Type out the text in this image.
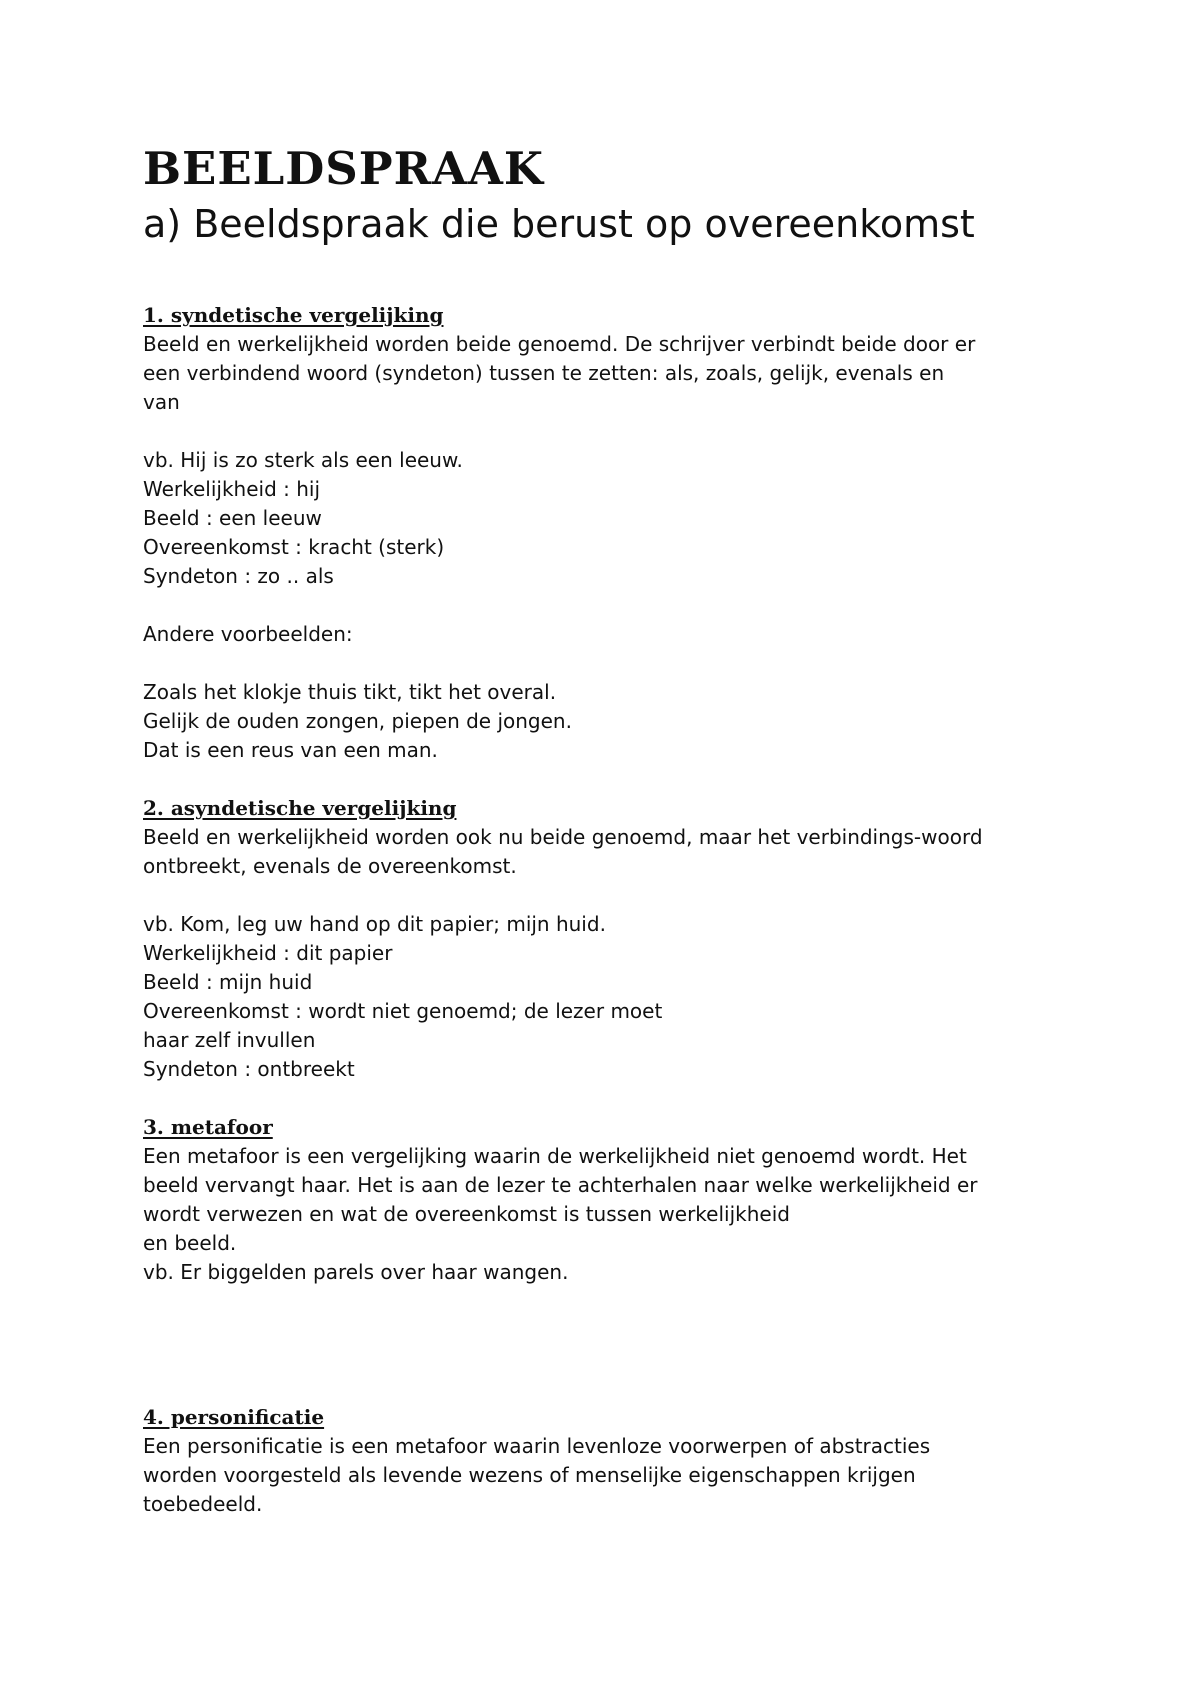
BEELDSPRAAK
a) Beeldspraak die berust op overeenkomst
1. syndetische vergelijking
Beeld en werkelijkheid worden beide genoemd. De schrijver verbindt beide door er
een verbindend woord (syndeton) tussen te zetten: als, zoals, gelijk, evenals en
van
vb. Hij is zo sterk als een leeuw.
Werkelijkheid : hij
Beeld : een leeuw
Overeenkomst : kracht (sterk)
Syndeton : zo .. als
Andere voorbeelden:
Zoals het klokje thuis tikt, tikt het overal.
Gelijk de ouden zongen, piepen de jongen.
Dat is een reus van een man.
2. asyndetische vergelijking
Beeld en werkelijkheid worden ook nu beide genoemd, maar het verbindings-woord
ontbreekt, evenals de overeenkomst.
vb. Kom, leg uw hand op dit papier; mijn huid.
Werkelijkheid : dit papier
Beeld : mijn huid
Overeenkomst : wordt niet genoemd; de lezer moet
haar zelf invullen
Syndeton : ontbreekt
3. metafoor
Een metafoor is een vergelijking waarin de werkelijkheid niet genoemd wordt. Het
beeld vervangt haar. Het is aan de lezer te achterhalen naar welke werkelijkheid er
wordt verwezen en wat de overeenkomst is tussen werkelijkheid
en beeld.
vb. Er biggelden parels over haar wangen.
4. personificatie
Een personificatie is een metafoor waarin levenloze voorwerpen of abstracties
worden voorgesteld als levende wezens of menselijke eigenschappen krijgen
toebedeeld.
